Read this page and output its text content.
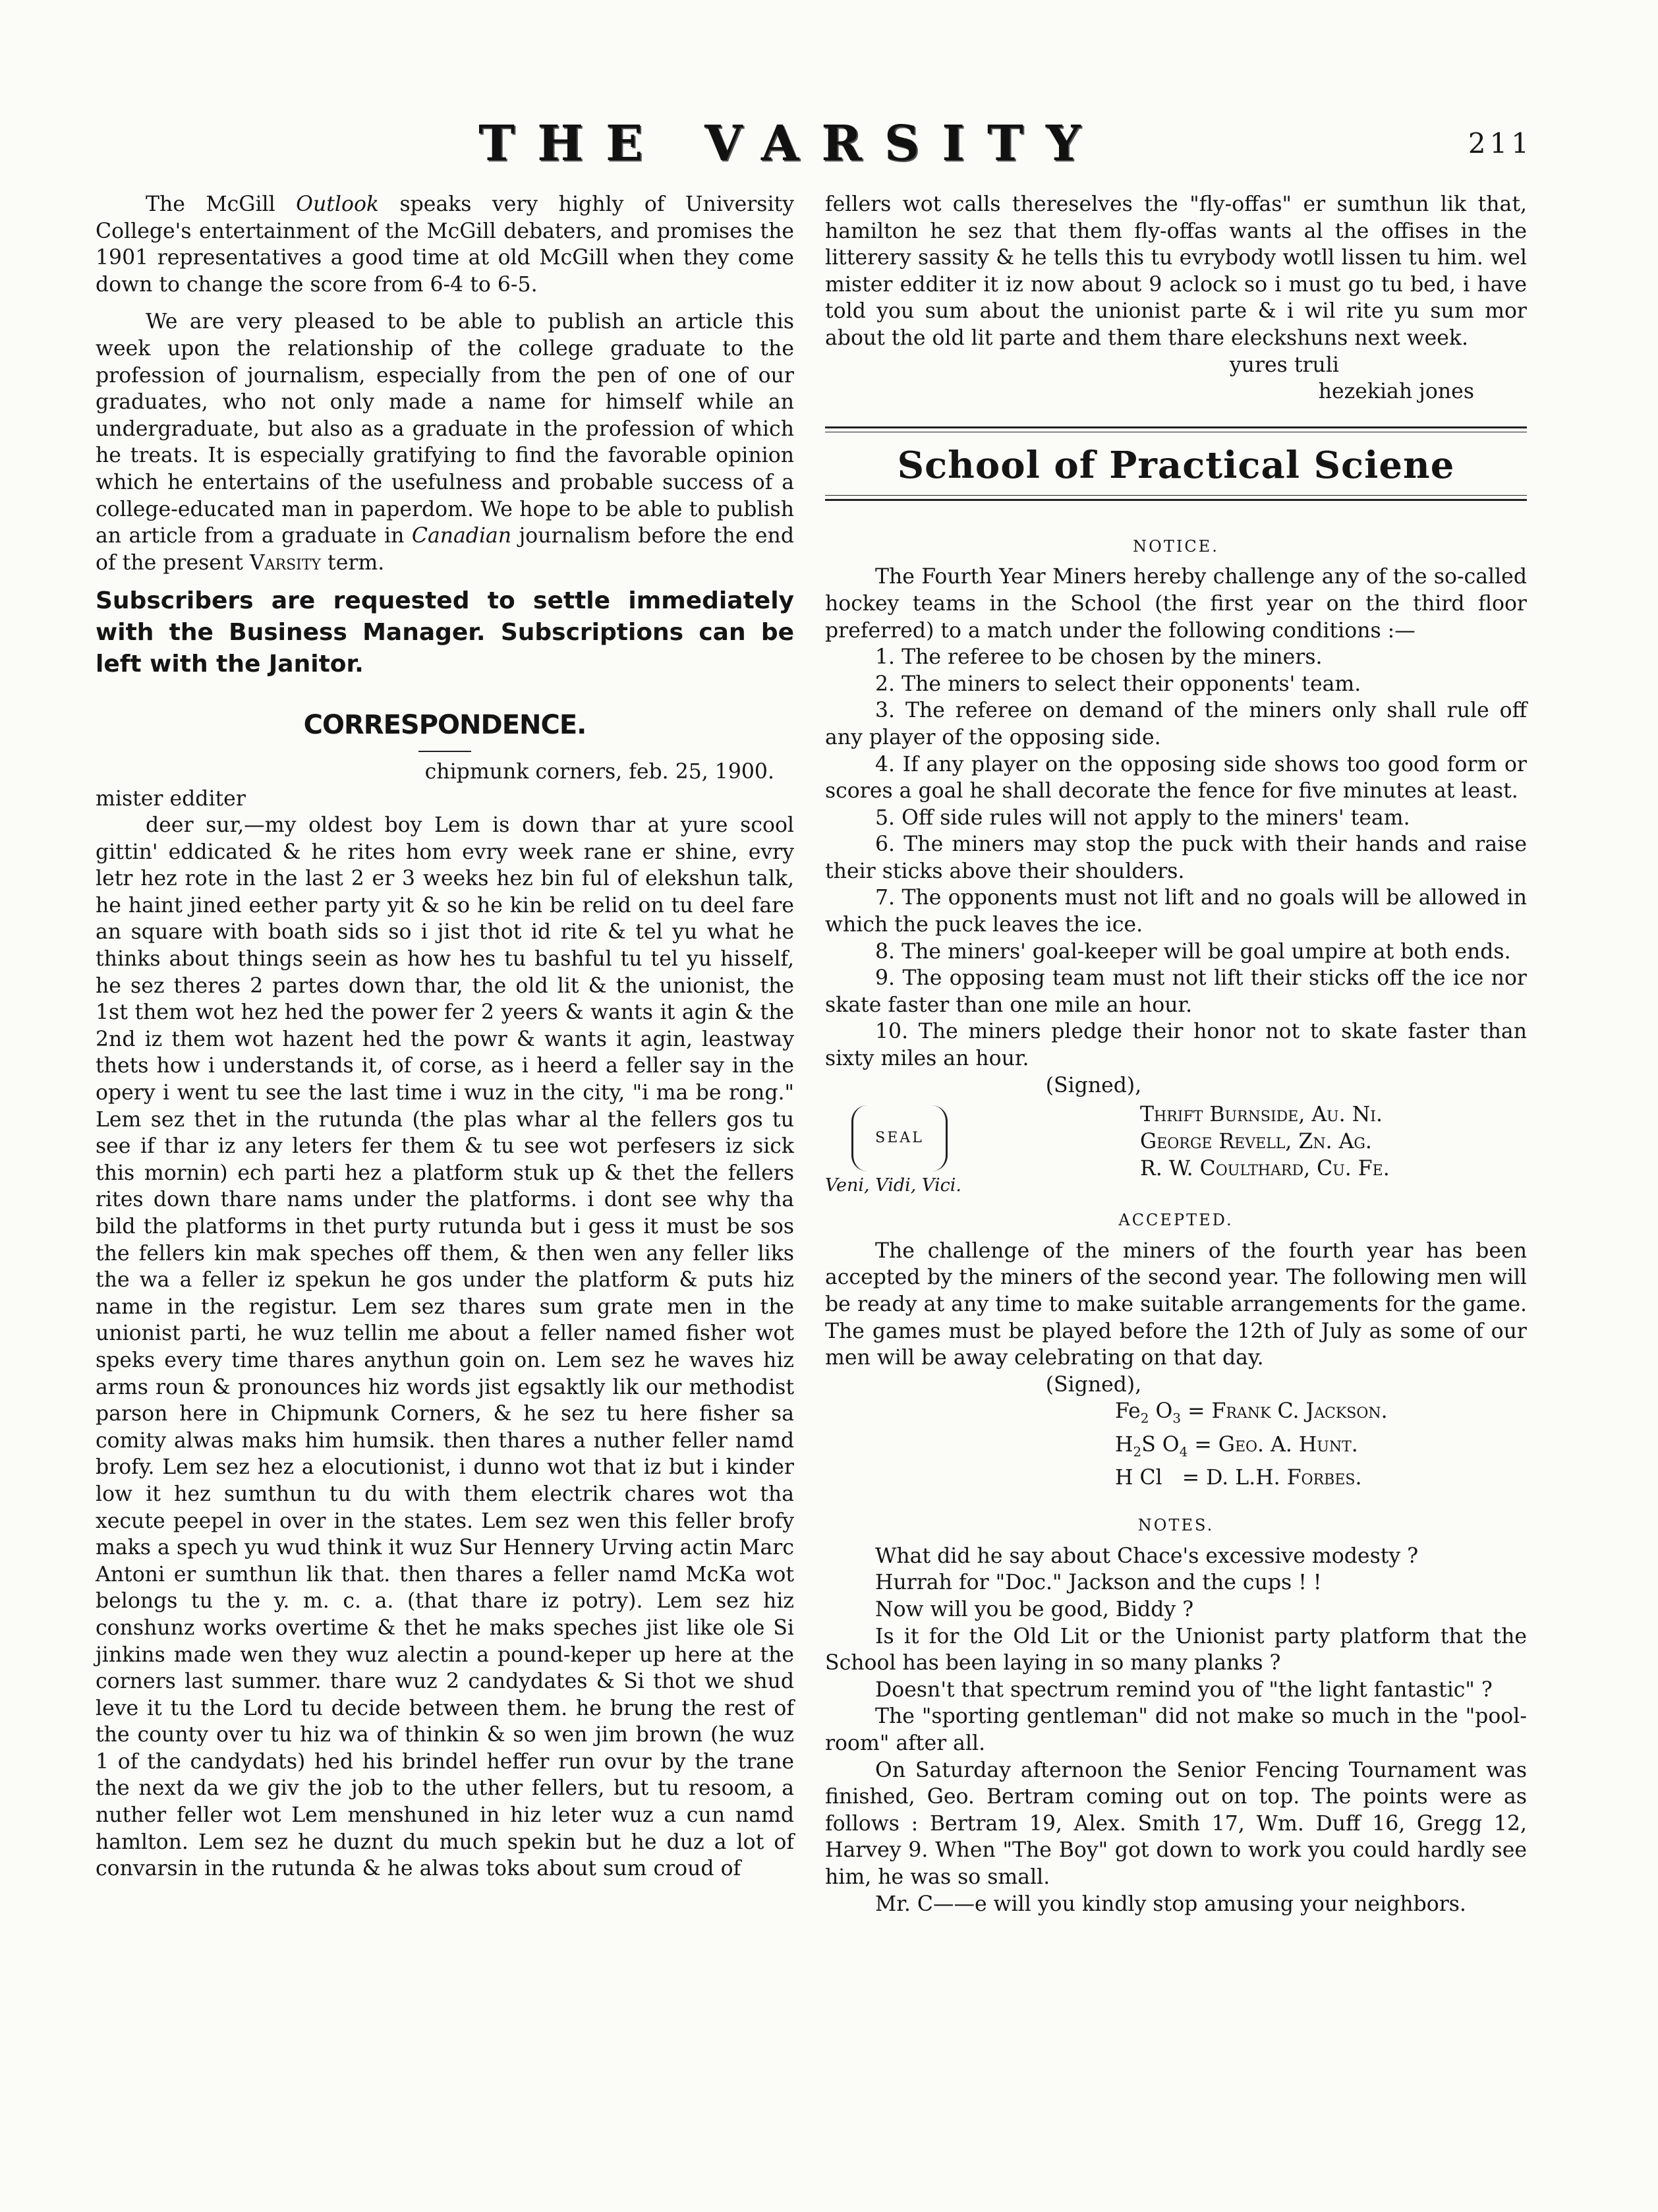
THE VARSITY	211

The McGill Outlook speaks very highly of University College's entertainment of the McGill debaters, and promises the 1901 representatives a good time at old McGill when they come down to change the score from 6-4 to 6-5.

We are very pleased to be able to publish an article this week upon the relationship of the college graduate to the profession of journalism, especially from the pen of one of our graduates, who not only made a name for himself while an undergraduate, but also as a graduate in the profession of which he treats. It is especially gratifying to find the favorable opinion which he entertains of the usefulness and probable success of a college-educated man in paperdom. We hope to be able to publish an article from a graduate in Canadian journalism before the end of the present Varsity term.

Subscribers are requested to settle immediately with the Business Manager. Subscriptions can be left with the Janitor.
CORRESPONDENCE.

chipmunk corners, feb. 25, 1900.

mister edditer

deer sur,—my oldest boy Lem is down thar at yure scool gittin' eddicated & he rites hom evry week rane er shine, evry letr hez rote in the last 2 er 3 weeks hez bin ful of elekshun talk, he haint jined eether party yit & so he kin be relid on tu deel fare an square with boath sids so i jist thot id rite & tel yu what he thinks about things seein as how hes tu bashful tu tel yu hisself, he sez theres 2 partes down thar, the old lit & the unionist, the 1st them wot hez hed the power fer 2 yeers & wants it agin & the 2nd iz them wot hazent hed the powr & wants it agin, leastway thets how i understands it, of corse, as i heerd a feller say in the opery i went tu see the last time i wuz in the city, "i ma be rong." Lem sez thet in the rutunda (the plas whar al the fellers gos tu see if thar iz any leters fer them & tu see wot perfesers iz sick this mornin) ech parti hez a platform stuk up & thet the fellers rites down thare nams under the platforms. i dont see why tha bild the platforms in thet purty rutunda but i gess it must be sos the fellers kin mak speches off them, & then wen any feller liks the wa a feller iz spekun he gos under the platform & puts hiz name in the registur. Lem sez thares sum grate men in the unionist parti, he wuz tellin me about a feller named fisher wot speks every time thares anythun goin on. Lem sez he waves hiz arms roun & pronounces hiz words jist egsaktly lik our methodist parson here in Chipmunk Corners, & he sez tu here fisher sa comity alwas maks him humsik. then thares a nuther feller namd brofy. Lem sez hez a elocutionist, i dunno wot that iz but i kinder low it hez sumthun tu du with them electrik chares wot tha xecute peepel in over in the states. Lem sez wen this feller brofy maks a spech yu wud think it wuz Sur Hennery Urving actin Marc Antoni er sumthun lik that. then thares a feller namd McKa wot belongs tu the y. m. c. a. (that thare iz potry). Lem sez hiz conshunz works overtime & thet he maks speches jist like ole Si jinkins made wen they wuz alectin a pound-keper up here at the corners last summer. thare wuz 2 candydates & Si thot we shud leve it tu the Lord tu decide between them. he brung the rest of the county over tu hiz wa of thinkin & so wen jim brown (he wuz 1 of the candydats) hed his brindel heffer run ovur by the trane the next da we giv the job to the uther fellers, but tu resoom, a nuther feller wot Lem menshuned in hiz leter wuz a cun namd hamlton. Lem sez he duznt du much spekin but he duz a lot of convarsin in the rutunda & he alwas toks about sum croud of

fellers wot calls thereselves the "fly-offas" er sumthun lik that, hamilton he sez that them fly-offas wants al the offises in the litterery sassity & he tells this tu evrybody wotll lissen tu him. wel mister edditer it iz now about 9 aclock so i must go tu bed, i have told you sum about the unionist parte & i wil rite yu sum mor about the old lit parte and them thare eleckshuns next week.

yures truli

hezekiah jones

School of Practical Sciene
NOTICE.

The Fourth Year Miners hereby challenge any of the so-called hockey teams in the School (the first year on the third floor preferred) to a match under the following conditions :—

1. The referee to be chosen by the miners.

2. The miners to select their opponents' team.

3. The referee on demand of the miners only shall rule off any player of the opposing side.

4. If any player on the opposing side shows too good form or scores a goal he shall decorate the fence for five minutes at least.

5. Off side rules will not apply to the miners' team.

6. The miners may stop the puck with their hands and raise their sticks above their shoulders.

7. The opponents must not lift and no goals will be allowed in which the puck leaves the ice.

8. The miners' goal-keeper will be goal umpire at both ends.

9. The opposing team must not lift their sticks off the ice nor skate faster than one mile an hour.

10. The miners pledge their honor not to skate faster than sixty miles an hour.

(Signed),

SEAL
Veni, Vidi, Vici.
Thrift Burnside, Au. Ni.
George Revell, Zn. Ag.
R. W. Coulthard, Cu. Fe.
ACCEPTED.

The challenge of the miners of the fourth year has been accepted by the miners of the second year. The following men will be ready at any time to make suitable arrangements for the game. The games must be played before the 12th of July as some of our men will be away celebrating on that day.

(Signed),

$Fe_2$ $O_3$ = Frank C. Jackson.
$H_2S$ $O_4$ = Geo. A. Hunt.
H Cl   = D. L.H. Forbes.
NOTES.

What did he say about Chace's excessive modesty ?

Hurrah for "Doc." Jackson and the cups ! !

Now will you be good, Biddy ?

Is it for the Old Lit or the Unionist party platform that the School has been laying in so many planks ?

Doesn't that spectrum remind you of "the light fantastic" ?

The "sporting gentleman" did not make so much in the "pool-room" after all.

On Saturday afternoon the Senior Fencing Tournament was finished, Geo. Bertram coming out on top. The points were as follows : Bertram 19, Alex. Smith 17, Wm. Duff 16, Gregg 12, Harvey 9. When "The Boy" got down to work you could hardly see him, he was so small.

Mr. C——e will you kindly stop amusing your neighbors.
